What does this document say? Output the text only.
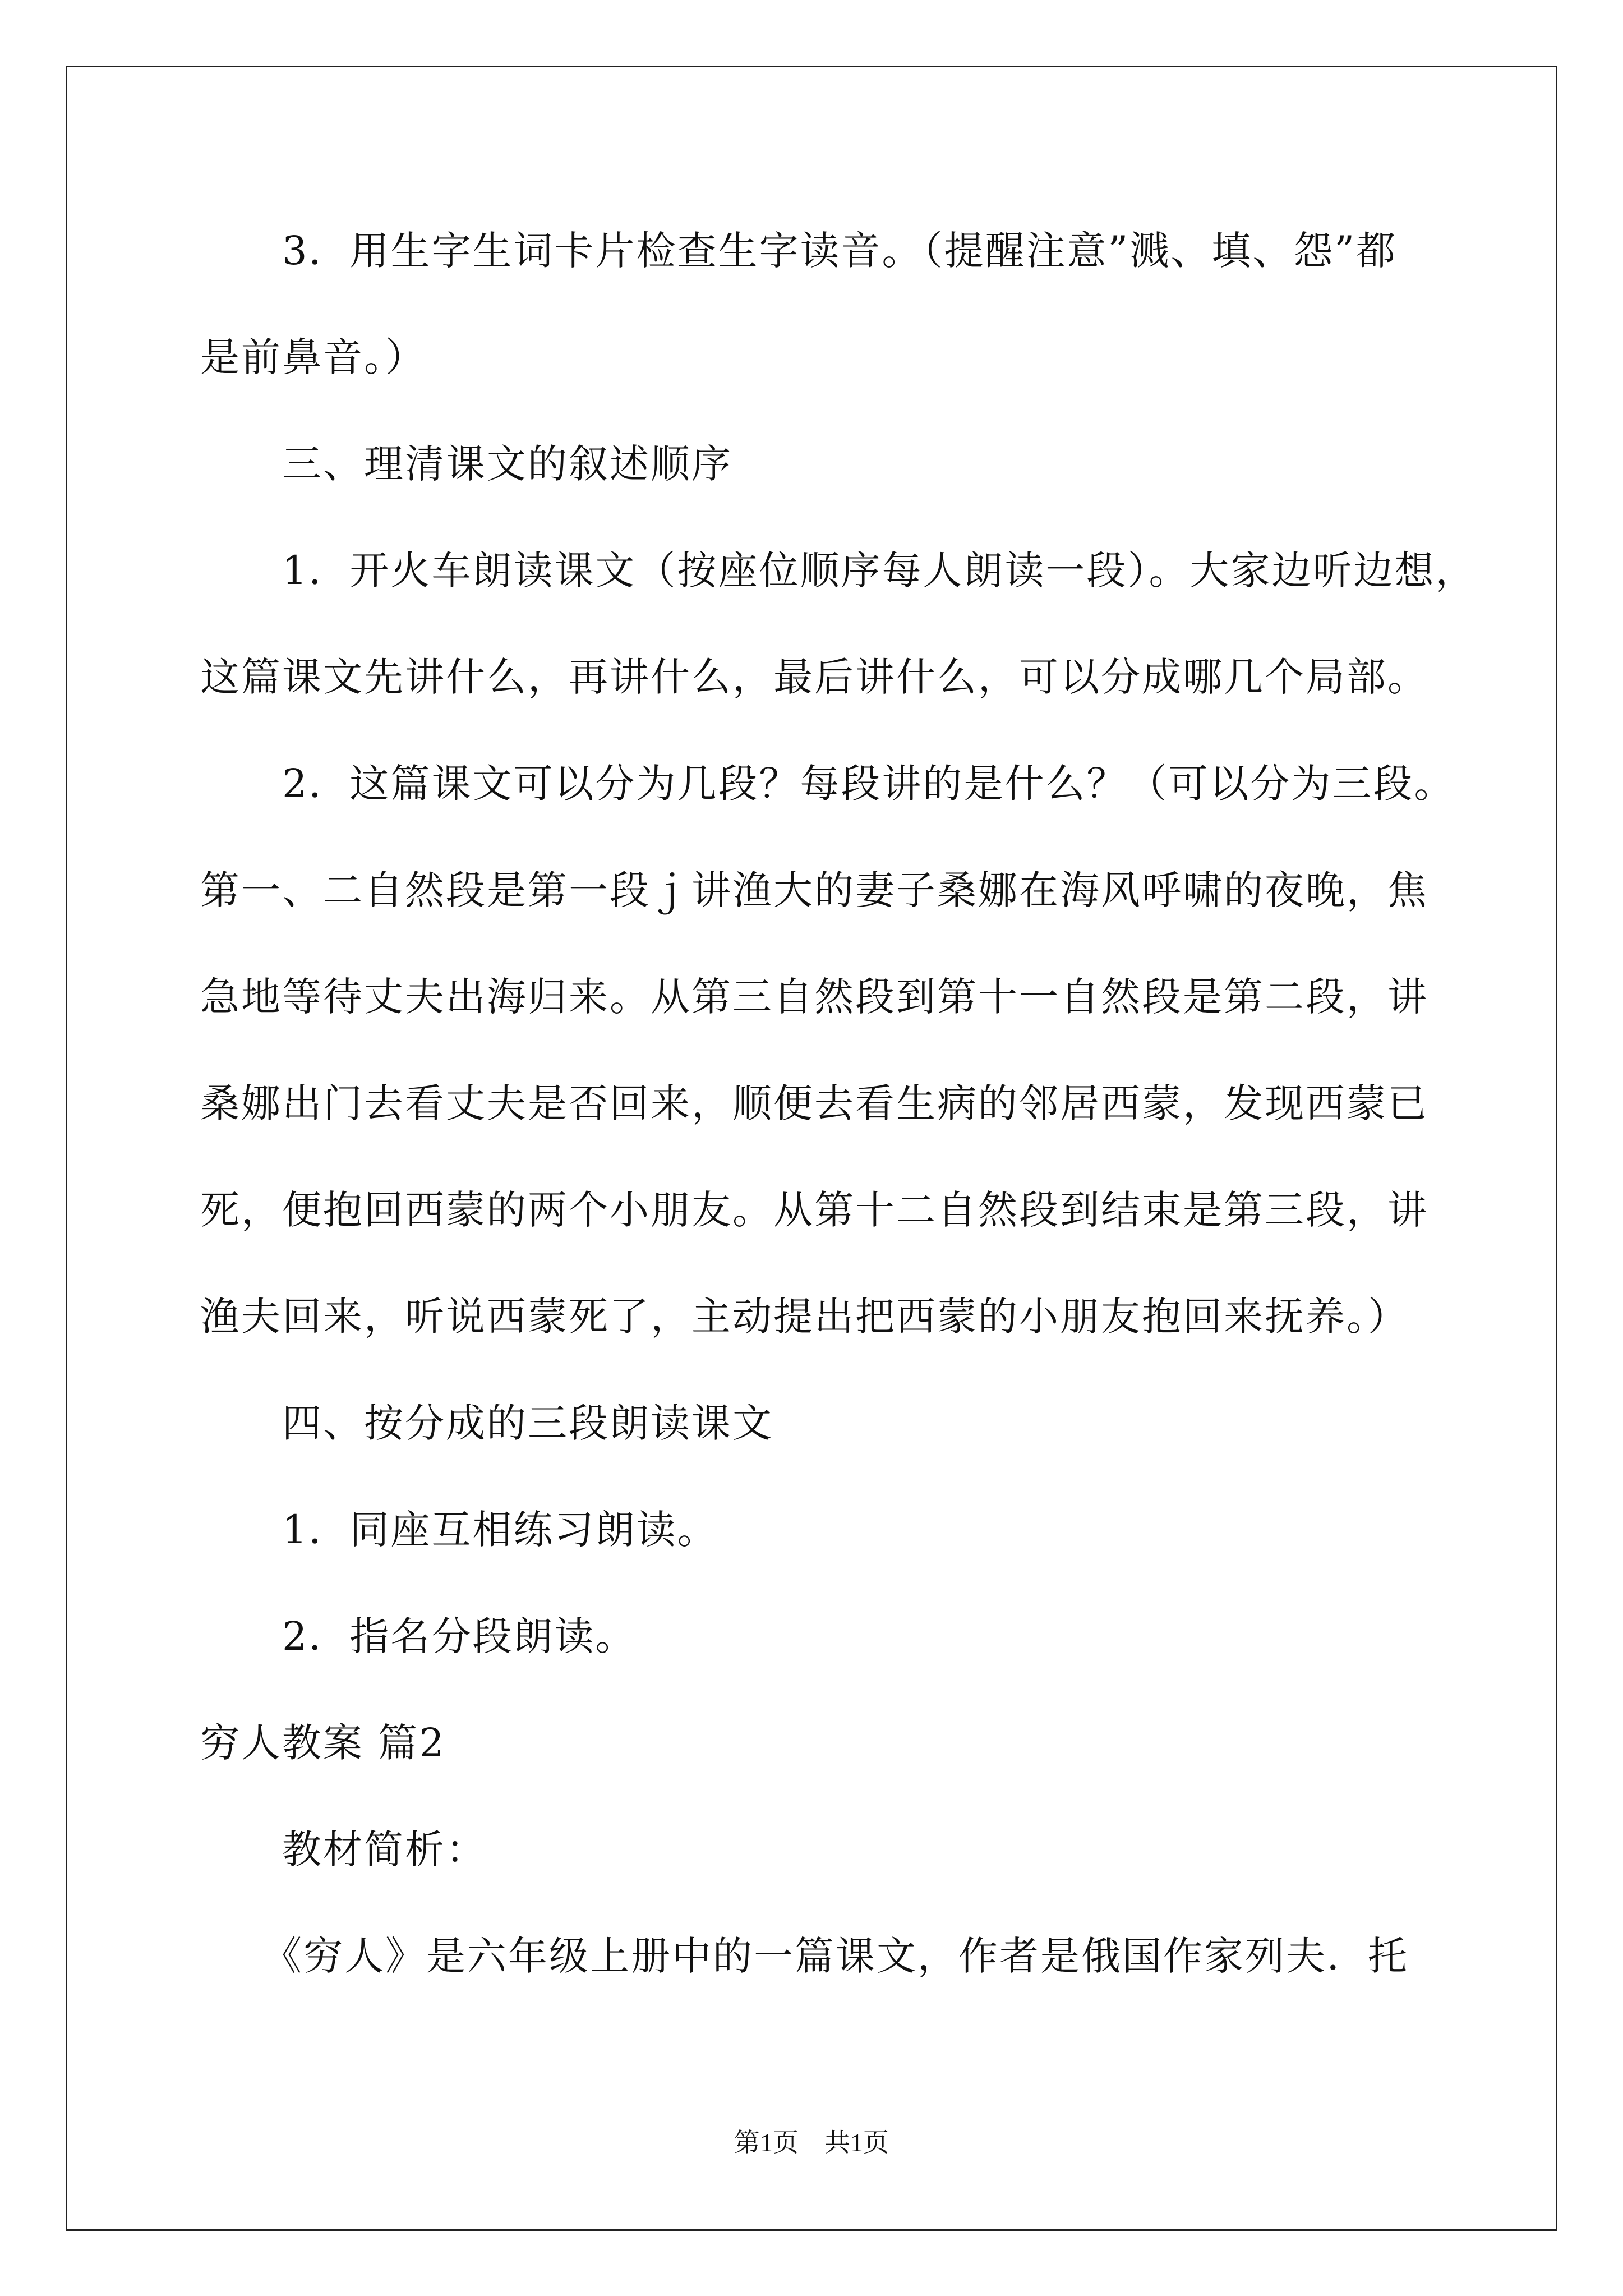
　　3．用生字生词卡片检查生字读音。（提醒注意”溅、填、怨”都
是前鼻音。）
　　三、理清课文的叙述顺序
　　1．开火车朗读课文（按座位顺序每人朗读一段）。大家边听边想，
这篇课文先讲什么，再讲什么，最后讲什么，可以分成哪几个局部。
　　2．这篇课文可以分为几段？每段讲的是什么？（可以分为三段。
第一、二自然段是第一段ｊ讲渔大的妻子桑娜在海风呼啸的夜晚，焦
急地等待丈夫出海归来。从第三自然段到第十一自然段是第二段，讲
桑娜出门去看丈夫是否回来，顺便去看生病的邻居西蒙，发现西蒙已
死，便抱回西蒙的两个小朋友。从第十二自然段到结束是第三段，讲
渔夫回来，听说西蒙死了，主动提出把西蒙的小朋友抱回来抚养。）
　　四、按分成的三段朗读课文
　　1．同座互相练习朗读。
　　2．指名分段朗读。
穷人教案 篇2
　　教材简析：
　　《穷人》是六年级上册中的一篇课文，作者是俄国作家列夫．托
第1页　共1页
